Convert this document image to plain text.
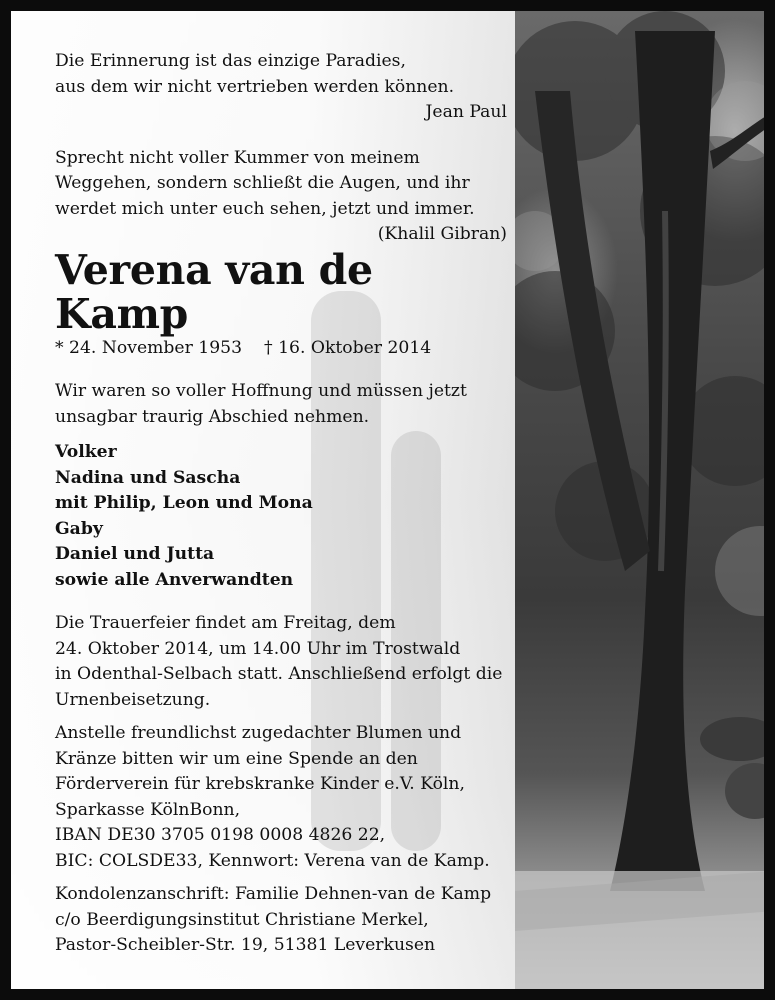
Die Erinnerung ist das einzige Paradies,

aus dem wir nicht vertrieben werden können.

Jean Paul

Sprecht nicht voller Kummer von meinem

Weggehen, sondern schließt die Augen, und ihr

werdet mich unter euch sehen, jetzt und immer.

(Khalil Gibran)

Verena van de Kamp

* 24. November 1953 † 16. Oktober 2014

Wir waren so voller Hoffnung und müssen jetzt

unsagbar traurig Abschied nehmen.

Volker

Nadina und Sascha

mit Philip, Leon und Mona

Gaby

Daniel und Jutta

sowie alle Anverwandten

Die Trauerfeier findet am Freitag, dem

24. Oktober 2014, um 14.00 Uhr im Trostwald

in Odenthal-Selbach statt. Anschließend erfolgt die

Urnenbeisetzung.

Anstelle freundlichst zugedachter Blumen und

Kränze bitten wir um eine Spende an den

Förderverein für krebskranke Kinder e.V. Köln,

Sparkasse KölnBonn,

IBAN DE30 3705 0198 0008 4826 22,

BIC: COLSDE33, Kennwort: Verena van de Kamp.

Kondolenzanschrift: Familie Dehnen-van de Kamp

c/o Beerdigungsinstitut Christiane Merkel,

Pastor-Scheibler-Str. 19, 51381 Leverkusen
